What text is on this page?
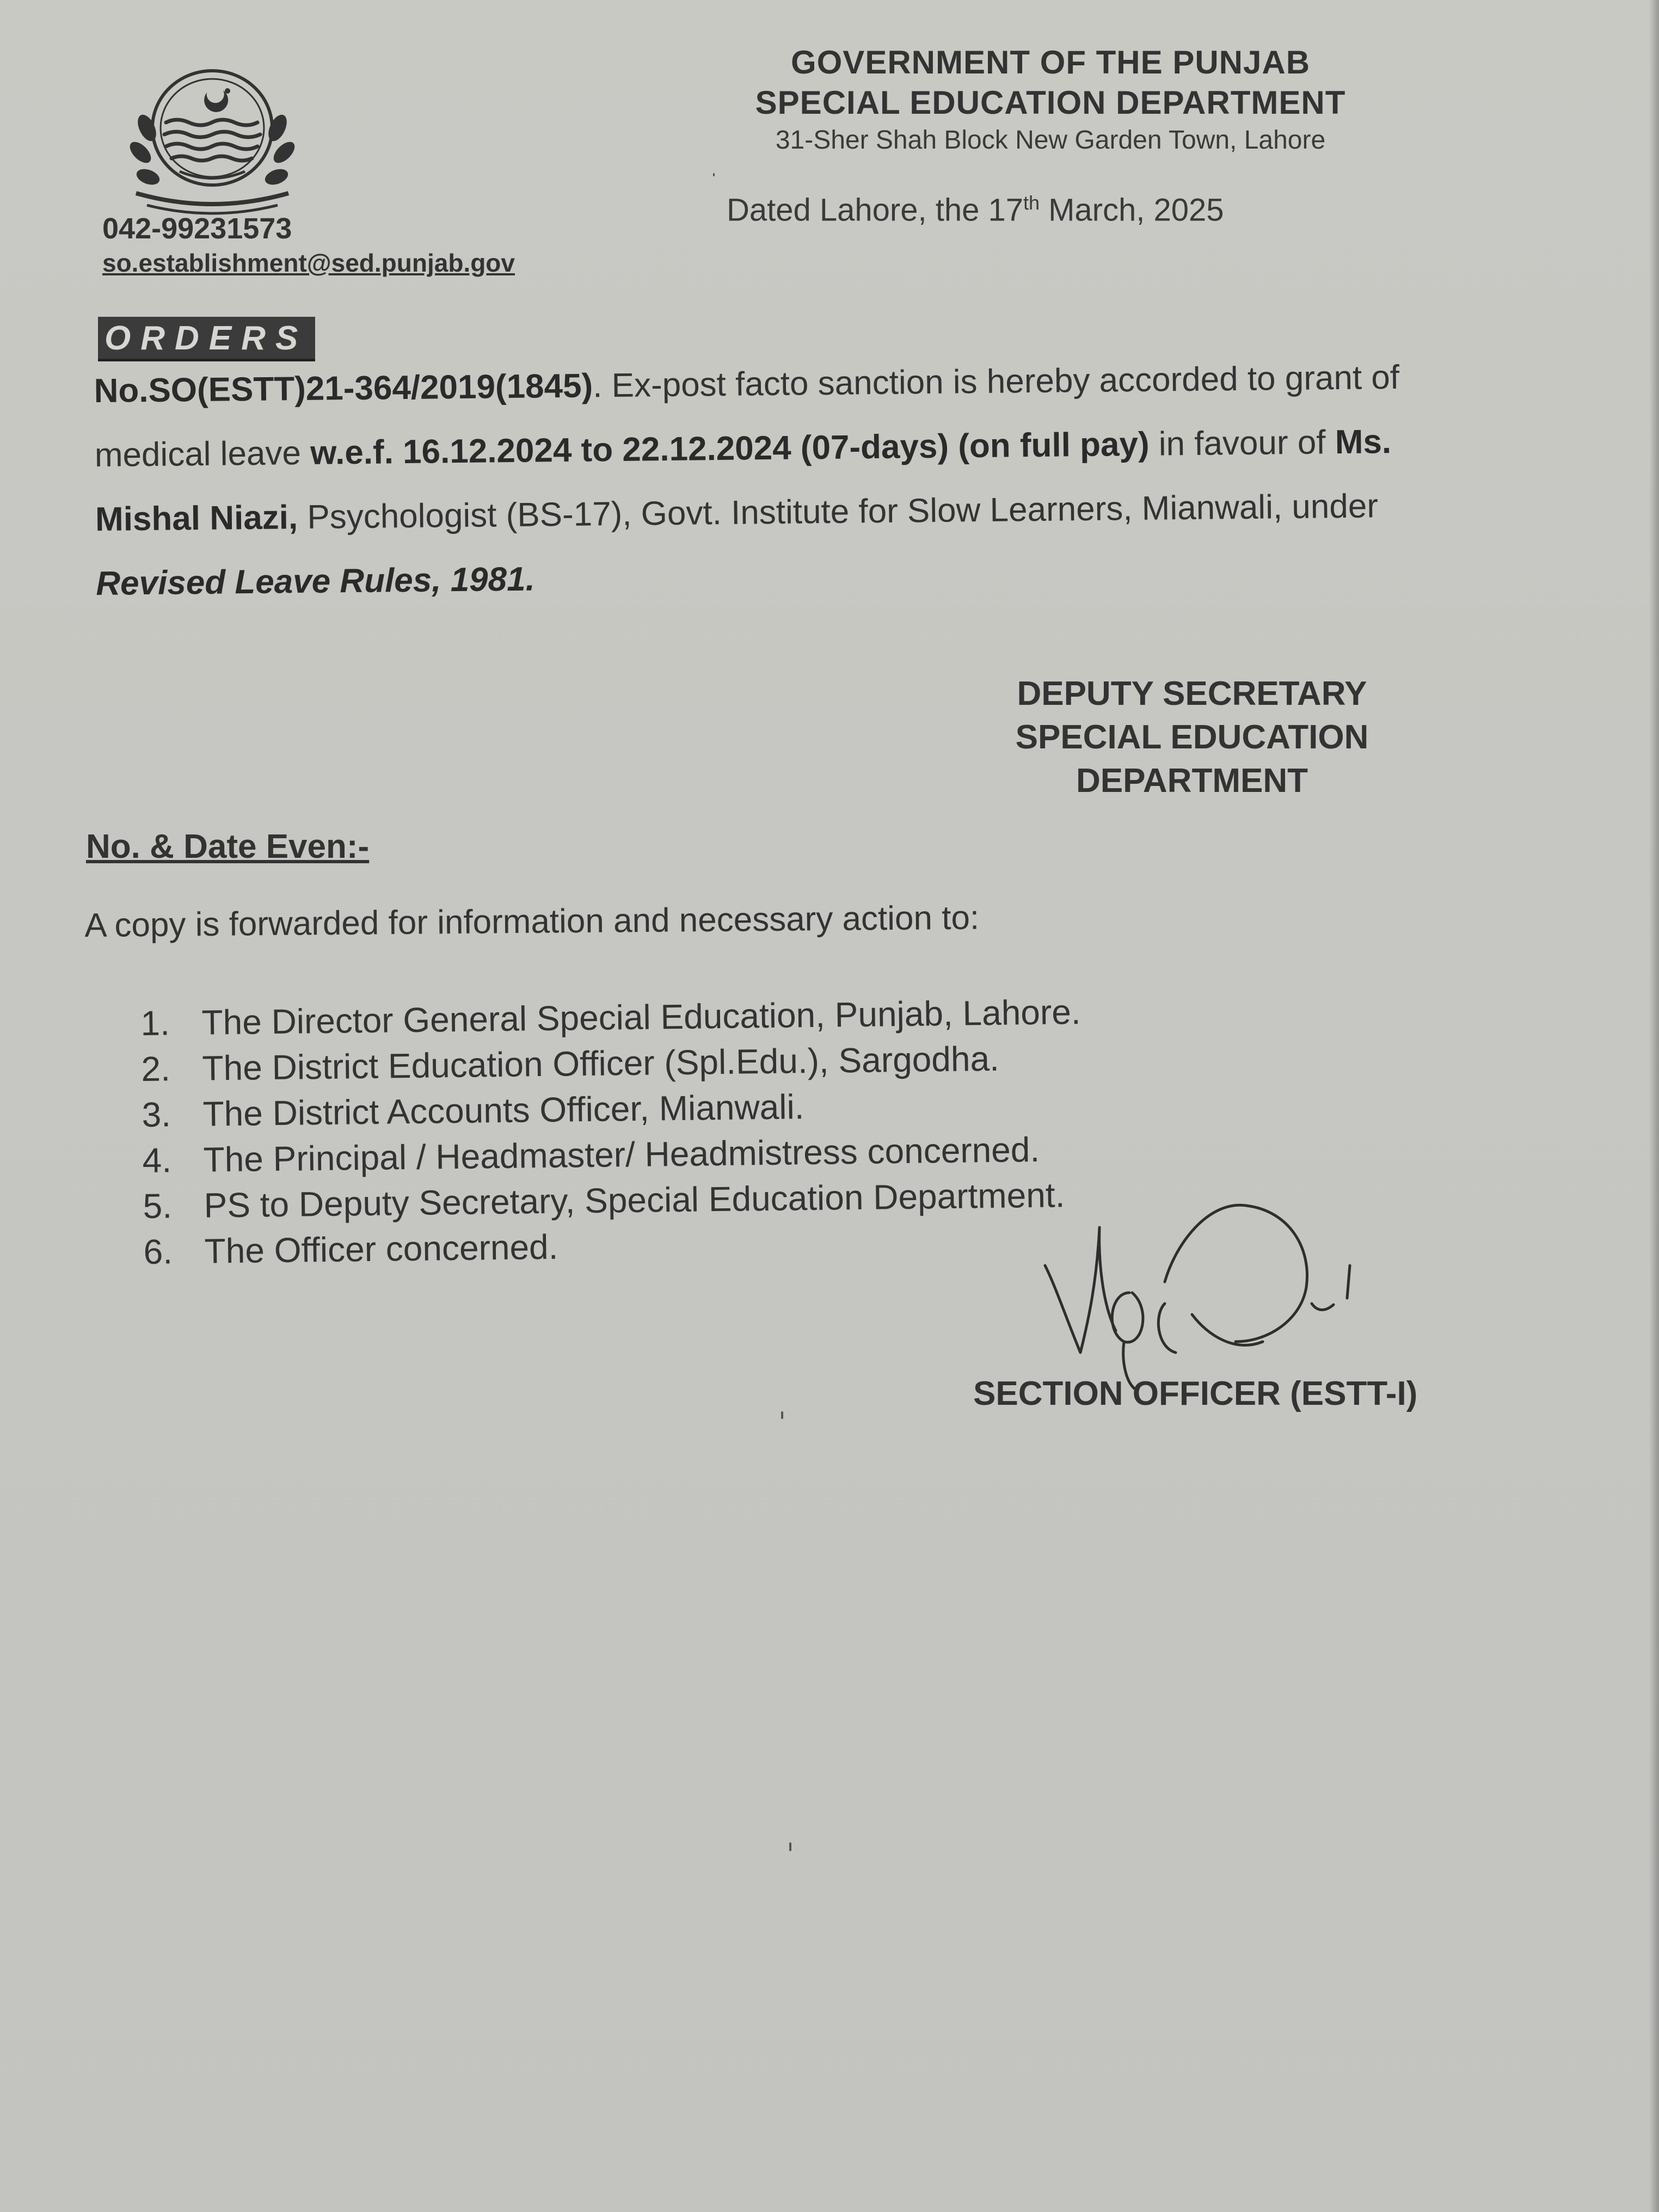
GOVERNMENT OF THE PUNJAB
SPECIAL EDUCATION DEPARTMENT
31-Sher Shah Block New Garden Town, Lahore
Dated Lahore, the 17th March, 2025
042-99231573
so.establishment@sed.punjab.gov
ORDERS
No.SO(ESTT)21-364/2019(1845). Ex-post facto sanction is hereby accorded to grant of medical leave w.e.f. 16.12.2024 to 22.12.2024 (07-days) (on full pay) in favour of Ms. Mishal Niazi, Psychologist (BS-17), Govt. Institute for Slow Learners, Mianwali, under Revised Leave Rules, 1981.
DEPUTY SECRETARY
SPECIAL EDUCATION
DEPARTMENT
No. & Date Even:-
A copy is forwarded for information and necessary action to:
1. The Director General Special Education, Punjab, Lahore.
2. The District Education Officer (Spl.Edu.), Sargodha.
3. The District Accounts Officer, Mianwali.
4. The Principal / Headmaster/ Headmistress concerned.
5. PS to Deputy Secretary, Special Education Department.
6. The Officer concerned.
SECTION OFFICER (ESTT-I)
